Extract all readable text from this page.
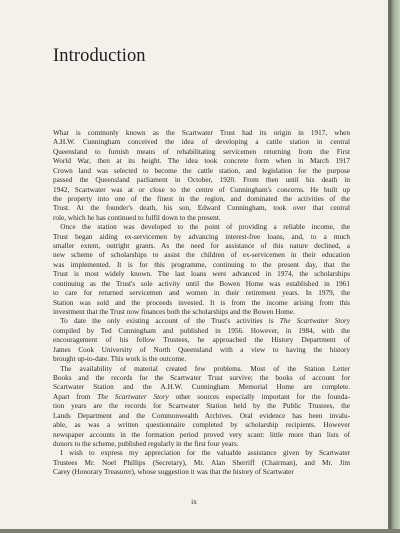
Introduction

What is commonly known as the Scartwater Trust had its origin in 1917, when
A.H.W. Cunningham conceived the idea of developing a cattle station in central
Queensland to furnish means of rehabilitating servicemen returning from the First
World War, then at its height. The idea took concrete form when in March 1917
Crown land was selected to become the cattle station, and legislation for the purpose
passed the Queensland parliament in October, 1920. From then until his death in
1942, Scartwater was at or close to the centre of Cunningham's concerns. He built up
the property into one of the finest in the region, and dominated the activities of the
Trust. At the founder's death, his son, Edward Cunningham, took over that central
role, which he has continued to fulfil down to the present.

 Once the station was developed to the point of providing a reliable income, the
Trust began aiding ex-servicemen by advancing interest-free loans, and, to a much
smaller extent, outright grants. As the need for assistance of this nature declined, a
new scheme of scholarships to assist the children of ex-servicemen in their education
was implemented. It is for this programme, continuing to the present day, that the
Trust is most widely known. The last loans were advanced in 1974, the scholarships
continuing as the Trust's sole activity until the Bowen Home was established in 1961
to care for returned servicemen and women in their retirement years. In 1979, the
Station was sold and the proceeds invested. It is from the income arising from this
investment that the Trust now finances both the scholarships and the Bowen Home.

 To date the only existing account of the Trust's activities is The Scartwater Story
compiled by Ted Cunningham and published in 1956. However, in 1984, with the
encouragement of his fellow Trustees, he approached the History Department of
James Cook University of North Queensland with a view to having the history
brought up-to-date. This work is the outcome.

 The availability of material created few problems. Most of the Station Letter
Books and the records for the Scartwater Trust survive; the books of account for
Scartwater Station and the A.H.W. Cunningham Memorial Home are complete.
Apart from The Scartwater Story other sources especially important for the founda-
tion years are the records for Scartwater Station held by the Public Trustees, the
Lands Department and the Commonwealth Archives. Oral evidence has been invalu-
able, as was a written questionnaire completed by scholarship recipients. However
newspaper accounts in the formation period proved very scant: little more than lists of
donors to the scheme, published regularly in the first four years.

 I wish to express my appreciation for the valuable assistance given by Scartwater
Trustees Mr. Noel Phillips (Secretary), Mr. Alan Sherriff (Chairman), and Mr. Jim
Carey (Honorary Treasurer), whose suggestion it was that the history of Scartwater

ix
